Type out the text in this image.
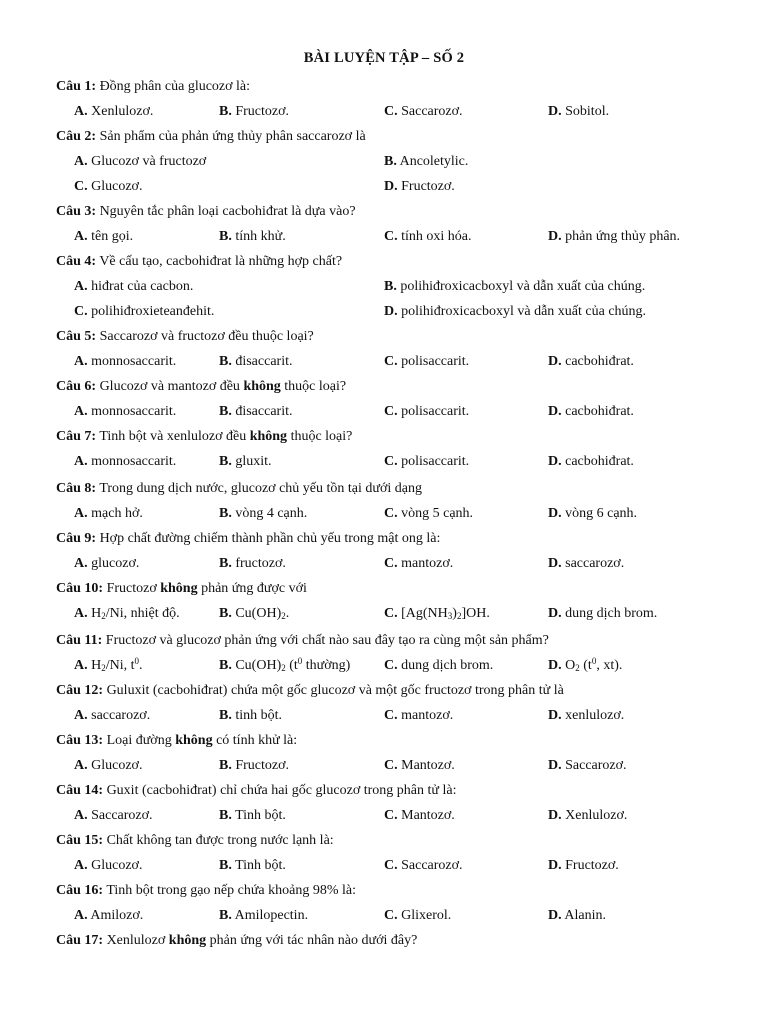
BÀI LUYỆN TẬP – SỐ 2
Câu 1: Đồng phân của glucozơ là:
A. Xenlulozơ.	B. Fructozơ.	C. Saccarozơ.	D. Sobitol.
Câu 2: Sản phẩm của phản ứng thủy phân saccarozơ là
A. Glucozơ và fructozơ	B. Ancoletylic.
C. Glucozơ.	D. Fructozơ.
Câu 3: Nguyên tắc phân loại cacbohiđrat là dựa vào?
A. tên gọi.	B. tính khử.	C. tính oxi hóa.	D. phản ứng thủy phân.
Câu 4: Về cấu tạo, cacbohiđrat là những hợp chất?
A. hiđrat của cacbon.	B. polihiđroxicacboxyl và dẫn xuất của chúng.
C. polihiđroxieteanđehit.	D. polihiđroxicacboxyl và dẫn xuất của chúng.
Câu 5: Saccarozơ và fructozơ đều thuộc loại?
A. monnosaccarit.	B. đisaccarit.	C. polisaccarit.	D. cacbohiđrat.
Câu 6: Glucozơ và mantozơ đều không thuộc loại?
A. monnosaccarit.	B. đisaccarit.	C. polisaccarit.	D. cacbohiđrat.
Câu 7: Tinh bột và xenlulozơ đều không thuộc loại?
A. monnosaccarit.	B. gluxit.	C. polisaccarit.	D. cacbohiđrat.
Câu 8: Trong dung dịch nước, glucozơ chủ yếu tồn tại dưới dạng
A. mạch hở.	B. vòng 4 cạnh.	C. vòng 5 cạnh.	D. vòng 6 cạnh.
Câu 9: Hợp chất đường chiếm thành phần chủ yếu trong mật ong là:
A. glucozơ.	B. fructozơ.	C. mantozơ.	D. saccarozơ.
Câu 10: Fructozơ không phản ứng được với
A. $H_2/Ni$, nhiệt độ.	B. $Cu(OH)_2$.	C. $[Ag(NH_3)_2]OH$.	D. dung dịch brom.
Câu 11: Fructozơ và glucozơ phản ứng với chất nào sau đây tạo ra cùng một sản phẩm?
A. $H_2/Ni$, $t^0$.	B. $Cu(OH)_2$ ($t^0$ thường) C. dung dịch brom.	D. $O_2$ ($t^0$, xt).
Câu 12: Guluxit (cacbohiđrat) chứa một gốc glucozơ và một gốc fructozơ trong phân tử là
A. saccarozơ.	B. tinh bột.	C. mantozơ.	D. xenlulozơ.
Câu 13: Loại đường không có tính khử là:
A. Glucozơ.	B. Fructozơ.	C. Mantozơ.	D. Saccarozơ.
Câu 14: Guxit (cacbohiđrat) chỉ chứa hai gốc glucozơ trong phân tử là:
A. Saccarozơ.	B. Tinh bột.	C. Mantozơ.	D. Xenlulozơ.
Câu 15: Chất không tan được trong nước lạnh là:
A. Glucozơ.	B. Tinh bột.	C. Saccarozơ.	D. Fructozơ.
Câu 16: Tinh bột trong gạo nếp chứa khoảng 98% là:
A. Amilozơ.	B. Amilopectin.	C. Glixerol.	D. Alanin.
Câu 17: Xenlulozơ không phản ứng với tác nhân nào dưới đây?
